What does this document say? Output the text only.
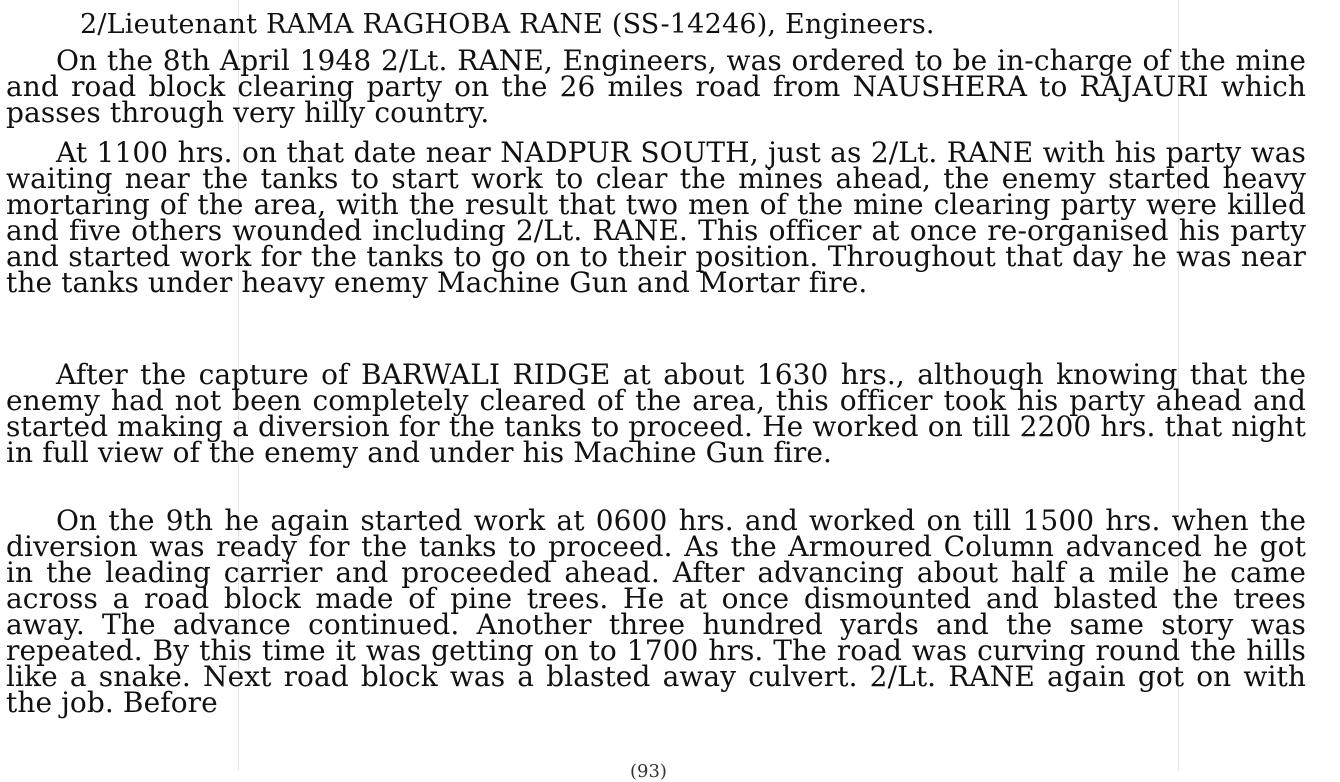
2/Lieutenant RAMA RAGHOBA RANE (SS-14246), Engineers.
On the 8th April 1948 2/Lt. RANE, Engineers, was ordered to be in-charge of the mine and road block clearing party on the 26 miles road from NAUSHERA to RAJAURI which passes through very hilly country.
At 1100 hrs. on that date near NADPUR SOUTH, just as 2/Lt. RANE with his party was waiting near the tanks to start work to clear the mines ahead, the enemy started heavy mortaring of the area, with the result that two men of the mine clearing party were killed and five others wounded including 2/Lt. RANE. This officer at once re-organised his party and started work for the tanks to go on to their position. Throughout that day he was near the tanks under heavy enemy Machine Gun and Mortar fire.
After the capture of BARWALI RIDGE at about 1630 hrs., although knowing that the enemy had not been completely cleared of the area, this officer took his party ahead and started making a diversion for the tanks to proceed. He worked on till 2200 hrs. that night in full view of the enemy and under his Machine Gun fire.
On the 9th he again started work at 0600 hrs. and worked on till 1500 hrs. when the diversion was ready for the tanks to proceed. As the Armoured Column advanced he got in the leading carrier and proceeded ahead. After advancing about half a mile he came across a road block made of pine trees. He at once dismounted and blasted the trees away. The advance continued. Another three hundred yards and the same story was repeated. By this time it was getting on to 1700 hrs. The road was curving round the hills like a snake. Next road block was a blasted away culvert. 2/Lt. RANE again got on with the job. Before
(93)
